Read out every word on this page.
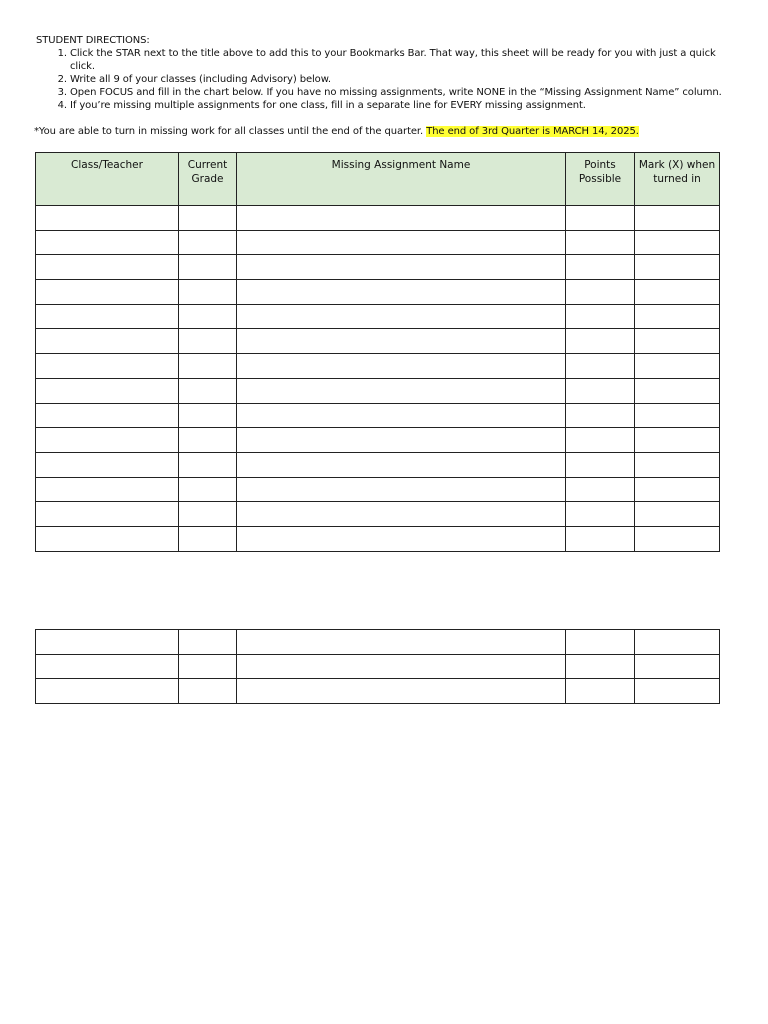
STUDENT DIRECTIONS:

1. Click the STAR next to the title above to add this to your Bookmarks Bar. That way, this sheet will be ready for you with just a quick click.
2. Write all 9 of your classes (including Advisory) below.
3. Open FOCUS and fill in the chart below. If you have no missing assignments, write NONE in the “Missing Assignment Name” column.
4. If you’re missing multiple assignments for one class, fill in a separate line for EVERY missing assignment.
*You are able to turn in missing work for all classes until the end of the quarter. The end of 3rd Quarter is MARCH 14, 2025.
Class/Teacher	Current Grade	Missing Assignment Name	Points Possible	Mark (X) when turned in
